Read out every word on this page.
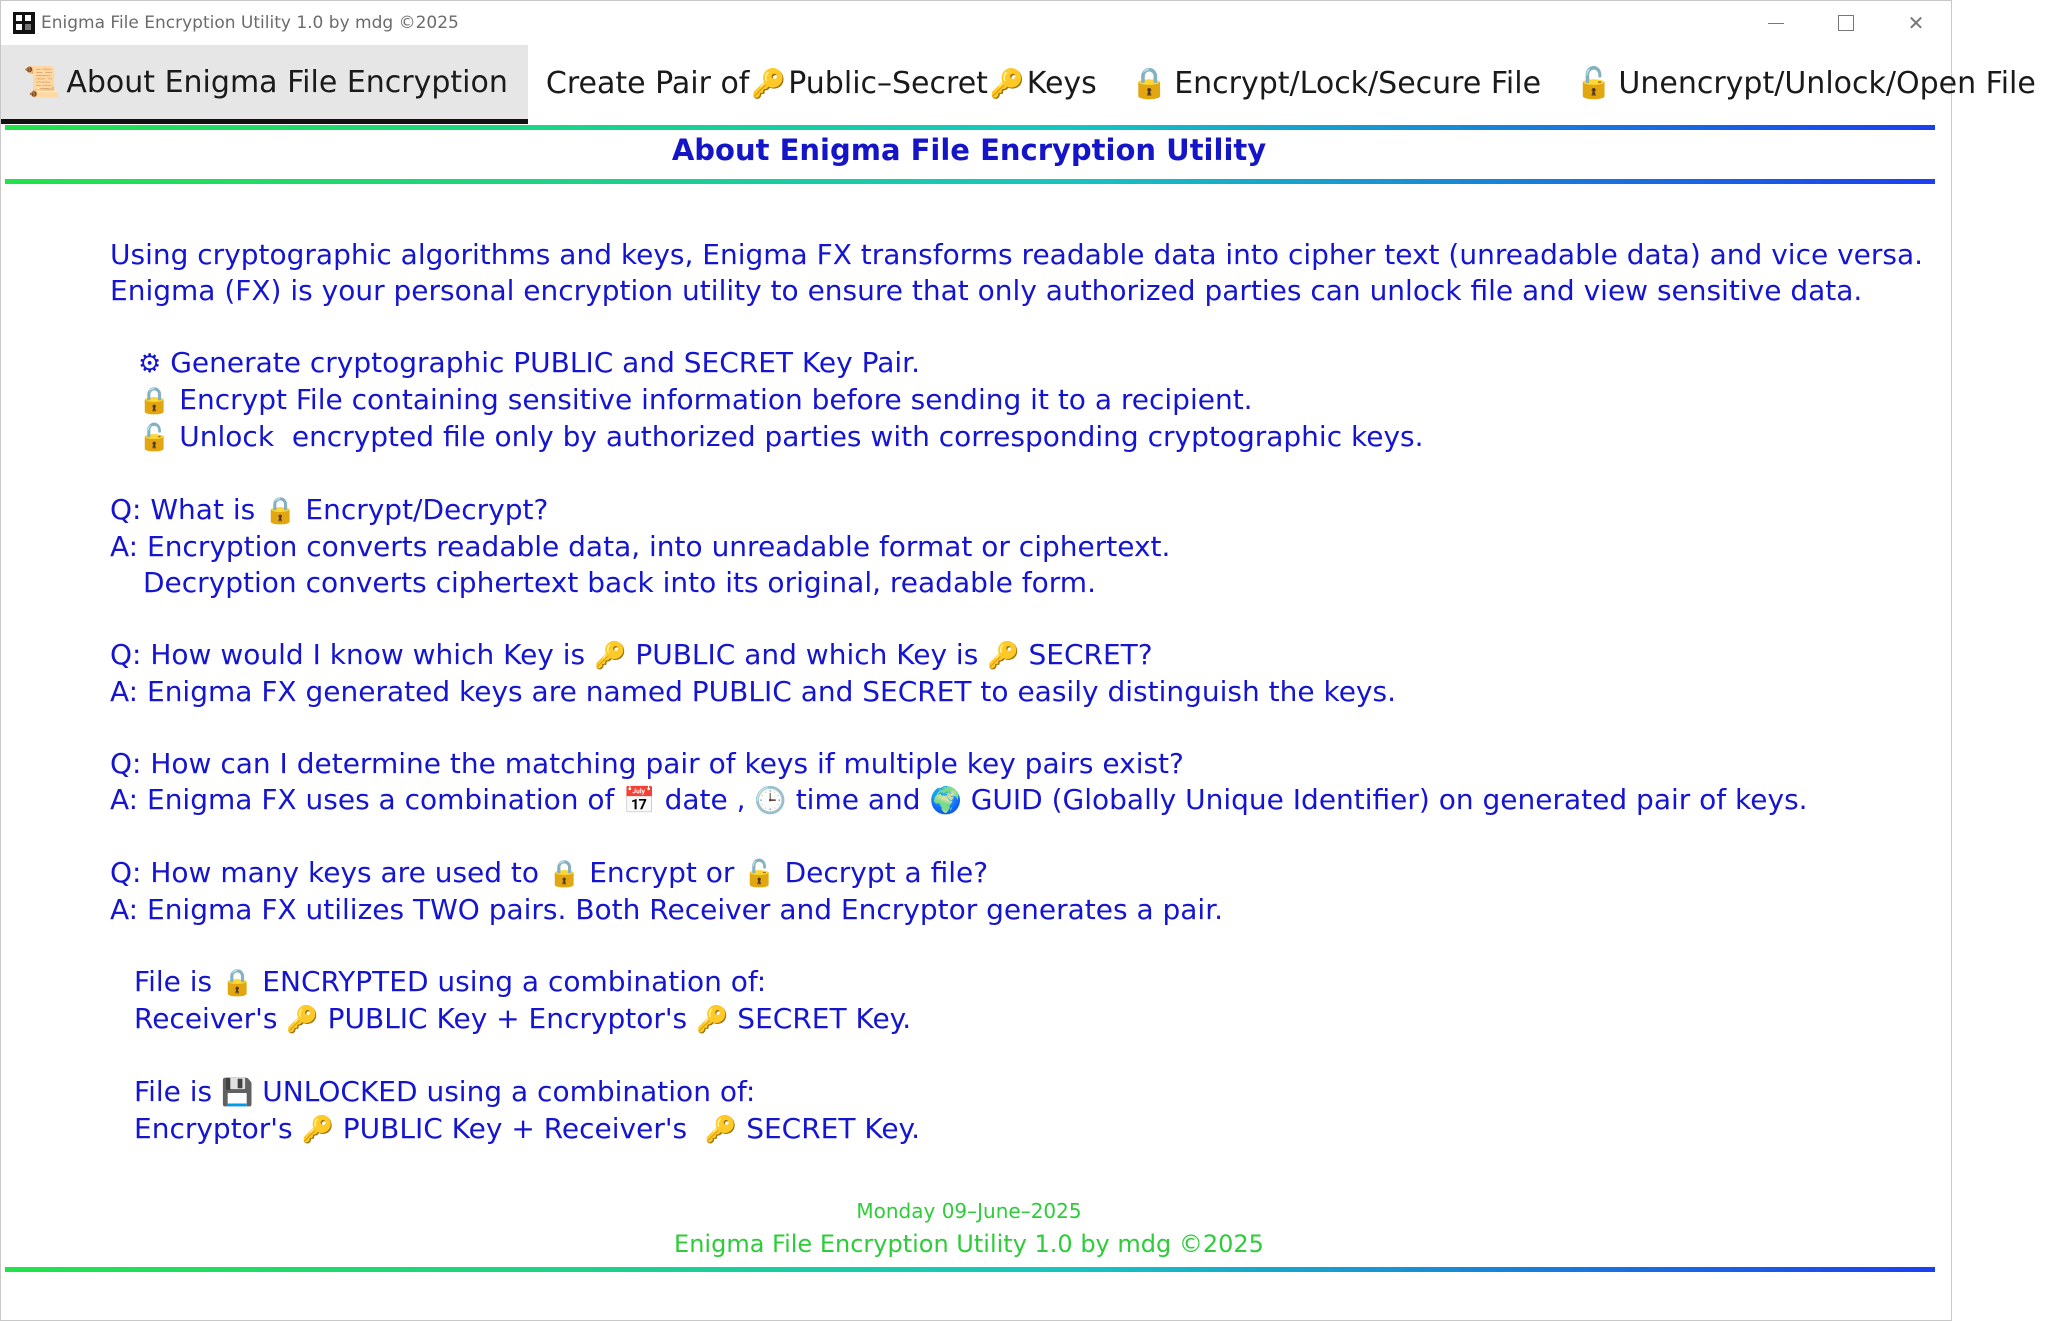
Enigma File Encryption Utility 1.0 by mdg ©2025	✕
📜 About Enigma File Encryption Create Pair of 🔑 Public–Secret 🔑 Keys 🔒 Encrypt/Lock/Secure File 🔓 Unencrypt/Unlock/Open File
About Enigma File Encryption Utility

Using cryptographic algorithms and keys, Enigma FX transforms readable data into cipher text (unreadable data) and vice versa.

Enigma (FX) is your personal encryption utility to ensure that only authorized parties can unlock file and view sensitive data.

⚙ Generate cryptographic PUBLIC and SECRET Key Pair.

🔒 Encrypt File containing sensitive information before sending it to a recipient.

🔓 Unlock  encrypted file only by authorized parties with corresponding cryptographic keys.

Q: What is 🔒 Encrypt/Decrypt?

A: Encryption converts readable data, into unreadable format or ciphertext.

Decryption converts ciphertext back into its original, readable form.

Q: How would I know which Key is 🔑 PUBLIC and which Key is 🔑 SECRET?

A: Enigma FX generated keys are named PUBLIC and SECRET to easily distinguish the keys.

Q: How can I determine the matching pair of keys if multiple key pairs exist?

A: Enigma FX uses a combination of 📅 date , 🕒 time and 🌍 GUID (Globally Unique Identifier) on generated pair of keys.

Q: How many keys are used to 🔒 Encrypt or 🔓 Decrypt a file?

A: Enigma FX utilizes TWO pairs. Both Receiver and Encryptor generates a pair.

File is 🔒 ENCRYPTED using a combination of:

Receiver's 🔑 PUBLIC Key + Encryptor's 🔑 SECRET Key.

File is 💾 UNLOCKED using a combination of:

Encryptor's 🔑 PUBLIC Key + Receiver's  🔑 SECRET Key.

Monday 09–June–2025
Enigma File Encryption Utility 1.0 by mdg ©2025
